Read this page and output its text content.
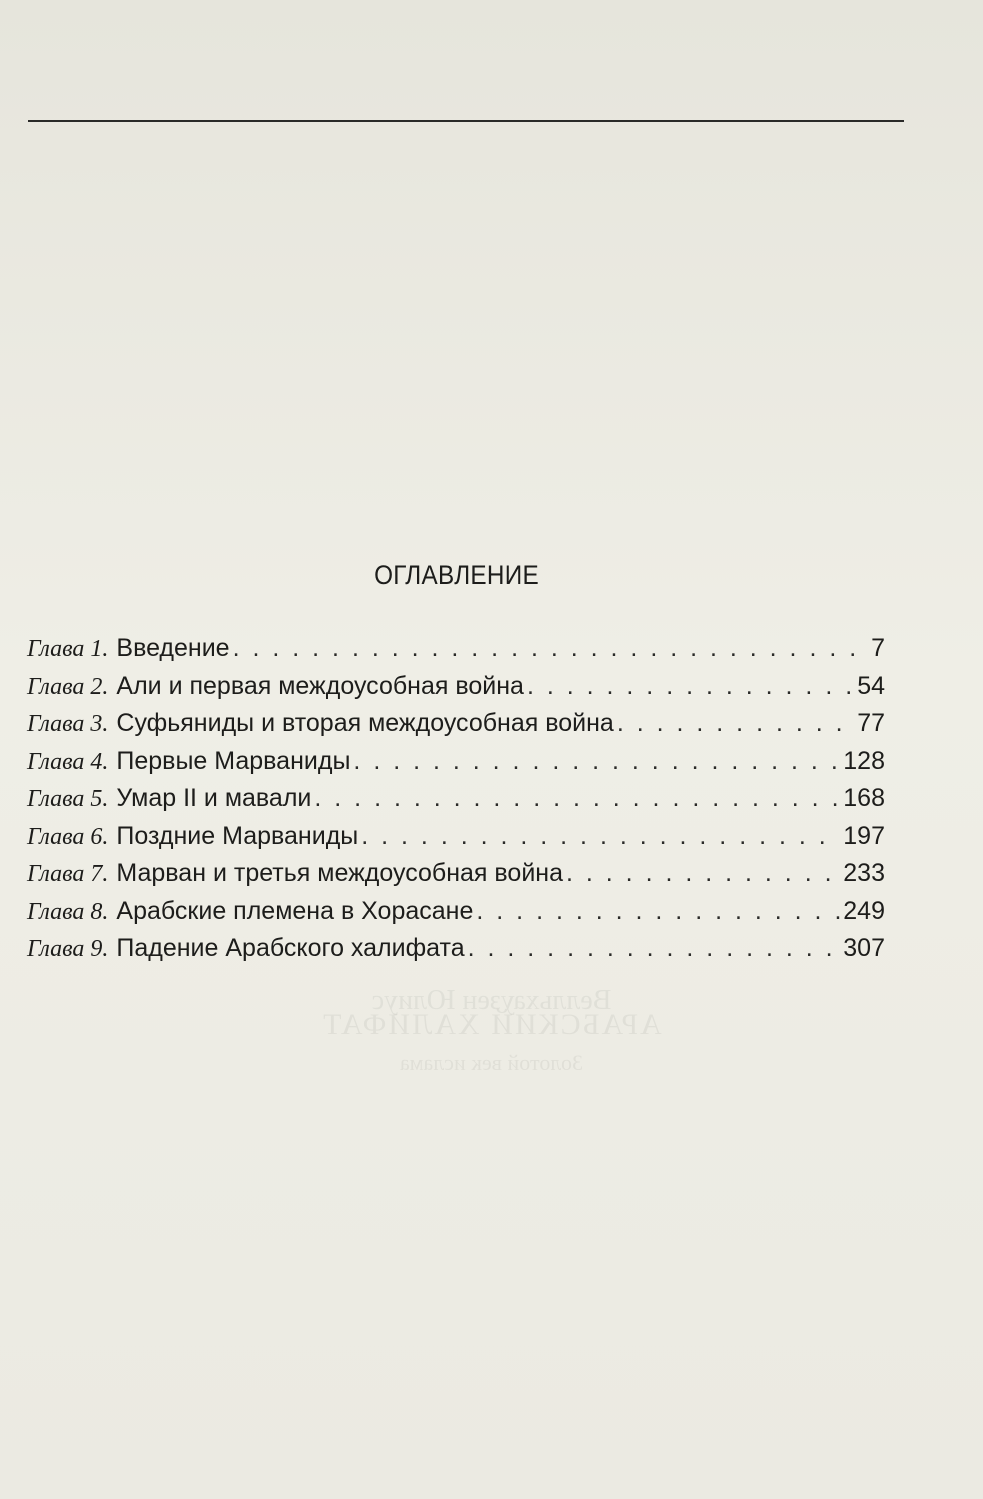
Велльхаузен Юлиус
АРАБСКИЙ ХАЛИФАТ
Золотой век ислама
ОГЛАВЛЕНИЕ
Глава 1. Введение . . .	7
Глава 2. Али и первая междоусобная война . . .	54
Глава 3. Суфьяниды и вторая междоусобная война . . .	77
Глава 4. Первые Марваниды . . .	128
Глава 5. Умар II и мавали . . .	168
Глава 6. Поздние Марваниды . . .	197
Глава 7. Марван и третья междоусобная война . . .	233
Глава 8. Арабские племена в Хорасане . . .	249
Глава 9. Падение Арабского халифата . . .	307
